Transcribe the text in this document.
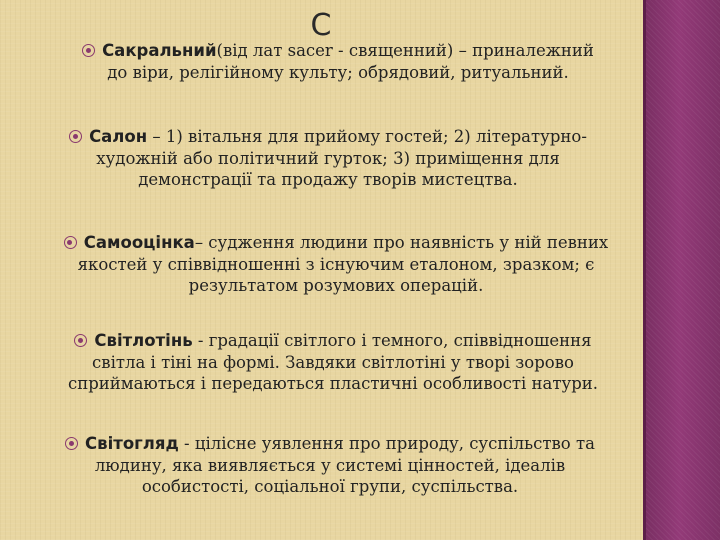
С
Сакральний(від лат sacer - священний) – приналежний до віри, релігійному культу; обрядовий, ритуальний.
Салон – 1) вітальня для прийому гостей; 2) літературно-художній або політичний гурток; 3) приміщення для демонстрації та продажу творів мистецтва.
Самооцінка– судження людини про наявність у ній певних якостей у співвідношенні з існуючим еталоном, зразком; є результатом розумових операцій.
Світлотінь - градації світлого і темного, співвідношення світла і тіні на формі. Завдяки світлотіні у творі зорово сприймаються і передаються пластичні особливості натури.
Світогляд - цілісне уявлення про природу, суспільство та людину, яка виявляється у системі цінностей, ідеалів особистості, соціальної групи, суспільства.
